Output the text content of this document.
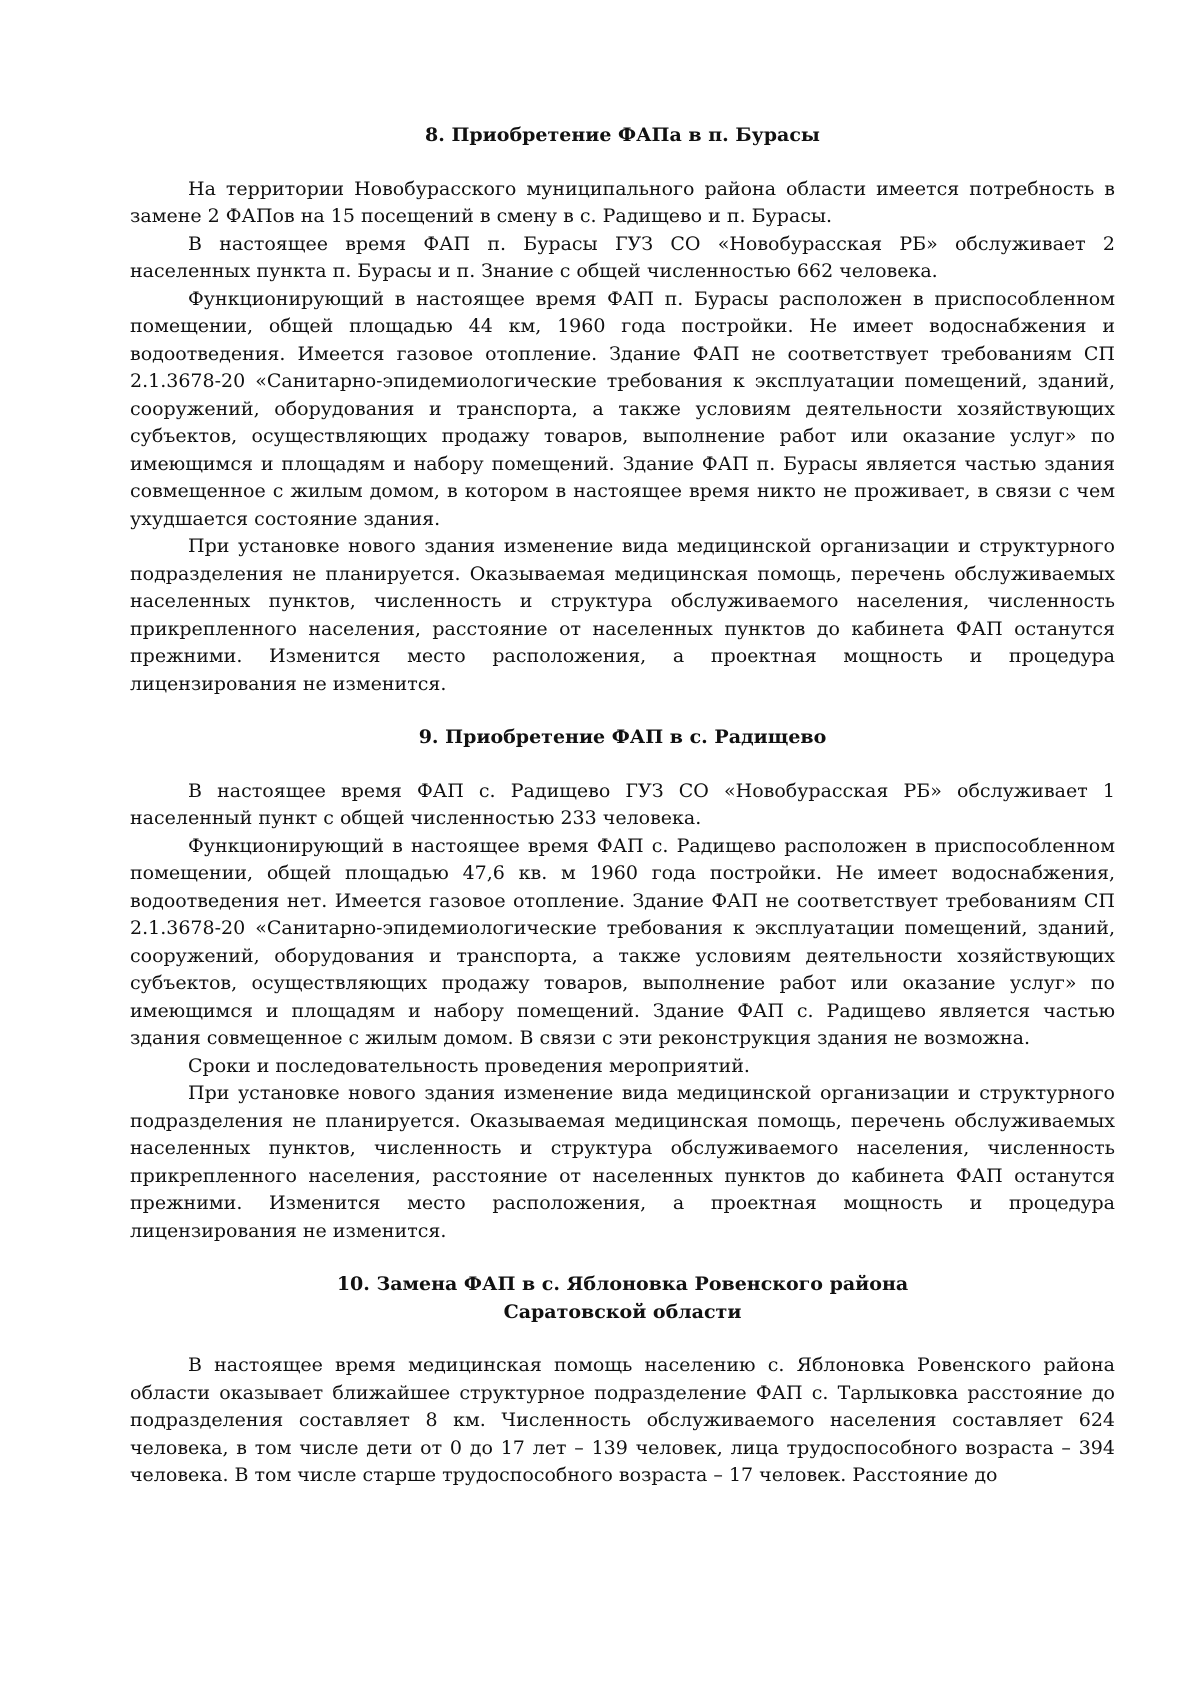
8. Приобретение ФАПа в п. Бурасы

На территории Новобурасского муниципального района области имеется потребность в замене 2 ФАПов на 15 посещений в смену в с. Радищево и п. Бурасы.

В настоящее время ФАП п. Бурасы ГУЗ СО «Новобурасская РБ» обслуживает 2 населенных пункта п. Бурасы и п. Знание с общей численностью 662 человека.

Функционирующий в настоящее время ФАП п. Бурасы расположен в приспособленном помещении, общей площадью 44 км, 1960 года постройки. Не имеет водоснабжения и водоотведения. Имеется газовое отопление. Здание ФАП не соответствует требованиям СП 2.1.3678-20 «Санитарно-эпидемиологические требования к эксплуатации помещений, зданий, сооружений, оборудования и транспорта, а также условиям деятельности хозяйствующих субъектов, осуществляющих продажу товаров, выполнение работ или оказание услуг» по имеющимся и площадям и набору помещений. Здание ФАП п. Бурасы является частью здания совмещенное с жилым домом, в котором в настоящее время никто не проживает, в связи с чем ухудшается состояние здания.

При установке нового здания изменение вида медицинской организации и структурного подразделения не планируется. Оказываемая медицинская помощь, перечень обслуживаемых населенных пунктов, численность и структура обслуживаемого населения, численность прикрепленного населения, расстояние от населенных пунктов до кабинета ФАП останутся прежними. Изменится место расположения, а проектная мощность и процедура лицензирования не изменится.

9. Приобретение ФАП в с. Радищево

В настоящее время ФАП с. Радищево ГУЗ СО «Новобурасская РБ» обслуживает 1 населенный пункт с общей численностью 233 человека.

Функционирующий в настоящее время ФАП с. Радищево расположен в приспособленном помещении, общей площадью 47,6 кв. м 1960 года постройки. Не имеет водоснабжения, водоотведения нет. Имеется газовое отопление. Здание ФАП не соответствует требованиям СП 2.1.3678-20 «Санитарно-эпидемиологические требования к эксплуатации помещений, зданий, сооружений, оборудования и транспорта, а также условиям деятельности хозяйствующих субъектов, осуществляющих продажу товаров, выполнение работ или оказание услуг» по имеющимся и площадям и набору помещений. Здание ФАП с. Радищево является частью здания совмещенное с жилым домом. В связи с эти реконструкция здания не возможна.

Сроки и последовательность проведения мероприятий.

При установке нового здания изменение вида медицинской организации и структурного подразделения не планируется. Оказываемая медицинская помощь, перечень обслуживаемых населенных пунктов, численность и структура обслуживаемого населения, численность прикрепленного населения, расстояние от населенных пунктов до кабинета ФАП останутся прежними. Изменится место расположения, а проектная мощность и процедура лицензирования не изменится.

10. Замена ФАП в с. Яблоновка Ровенского района
Саратовской области

В настоящее время медицинская помощь населению с. Яблоновка Ровенского района области оказывает ближайшее структурное подразделение ФАП с. Тарлыковка расстояние до подразделения составляет 8 км. Численность обслуживаемого населения составляет 624 человека, в том числе дети от 0 до 17 лет – 139 человек, лица трудоспособного возраста – 394 человека. В том числе старше трудоспособного возраста – 17 человек. Расстояние до
